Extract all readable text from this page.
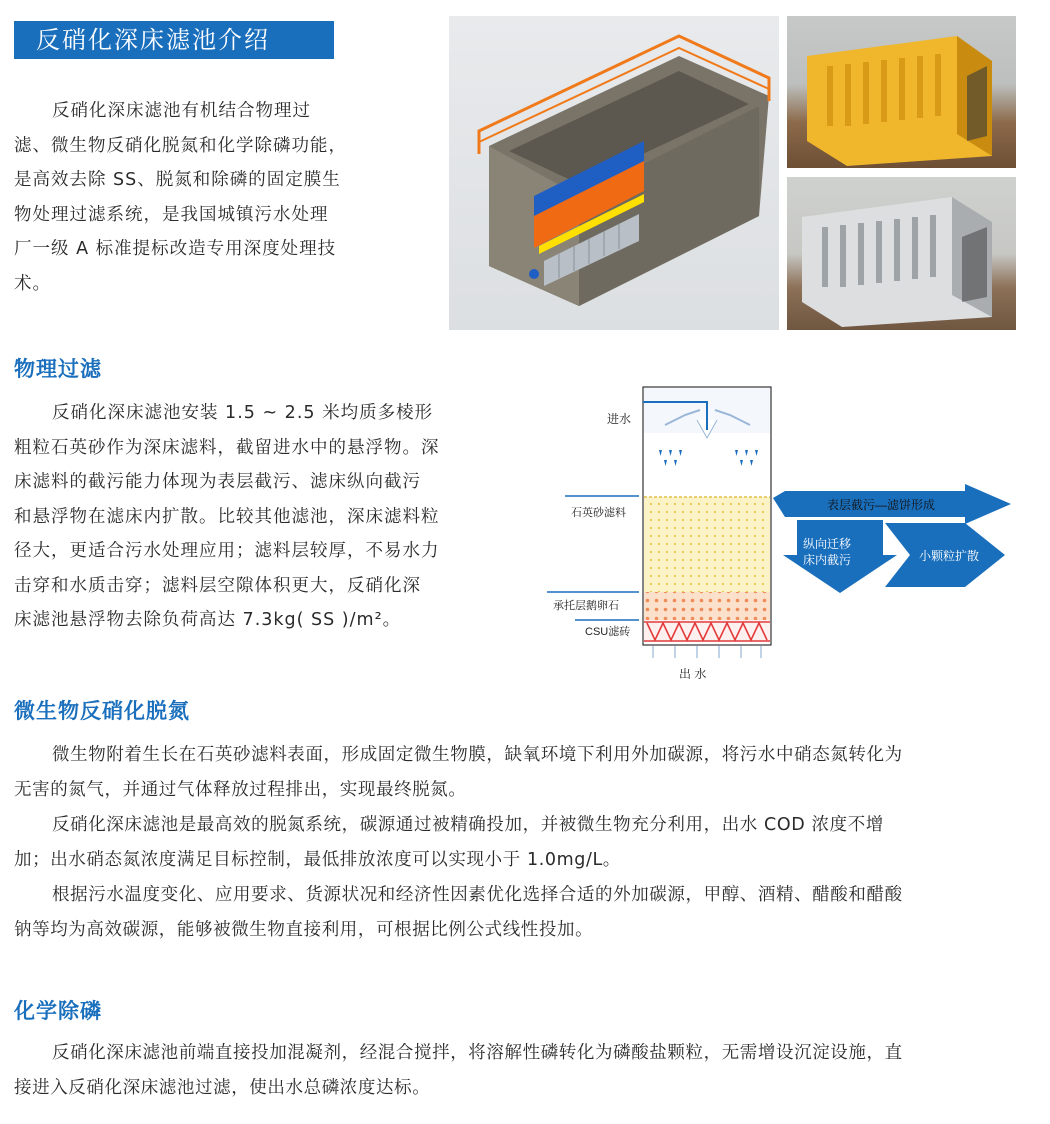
反硝化深床滤池介绍
反硝化深床滤池有机结合物理过
滤、微生物反硝化脱氮和化学除磷功能，
是高效去除 SS、脱氮和除磷的固定膜生
物处理过滤系统，是我国城镇污水处理
厂一级 A 标准提标改造专用深度处理技
术。
物理过滤
反硝化深床滤池安装 1.5 ~ 2.5 米均质多棱形
粗粒石英砂作为深床滤料，截留进水中的悬浮物。深
床滤料的截污能力体现为表层截污、滤床纵向截污
和悬浮物在滤床内扩散。比较其他滤池，深床滤料粒
径大，更适合污水处理应用；滤料层较厚，不易水力
击穿和水质击穿；滤料层空隙体积更大，反硝化深
床滤池悬浮物去除负荷高达 7.3kg( SS )/m²。
进水
出 水
石英砂滤料
承托层鹅卵石
CSU滤砖
表层截污—滤饼形成
纵向迁移
床内截污	小颗粒扩散
微生物反硝化脱氮
微生物附着生长在石英砂滤料表面，形成固定微生物膜，缺氧环境下利用外加碳源，将污水中硝态氮转化为
无害的氮气，并通过气体释放过程排出，实现最终脱氮。
反硝化深床滤池是最高效的脱氮系统，碳源通过被精确投加，并被微生物充分利用，出水 COD 浓度不增
加；出水硝态氮浓度满足目标控制，最低排放浓度可以实现小于 1.0mg/L。
根据污水温度变化、应用要求、货源状况和经济性因素优化选择合适的外加碳源，甲醇、酒精、醋酸和醋酸
钠等均为高效碳源，能够被微生物直接利用，可根据比例公式线性投加。
化学除磷
反硝化深床滤池前端直接投加混凝剂，经混合搅拌，将溶解性磷转化为磷酸盐颗粒，无需增设沉淀设施，直
接进入反硝化深床滤池过滤，使出水总磷浓度达标。
